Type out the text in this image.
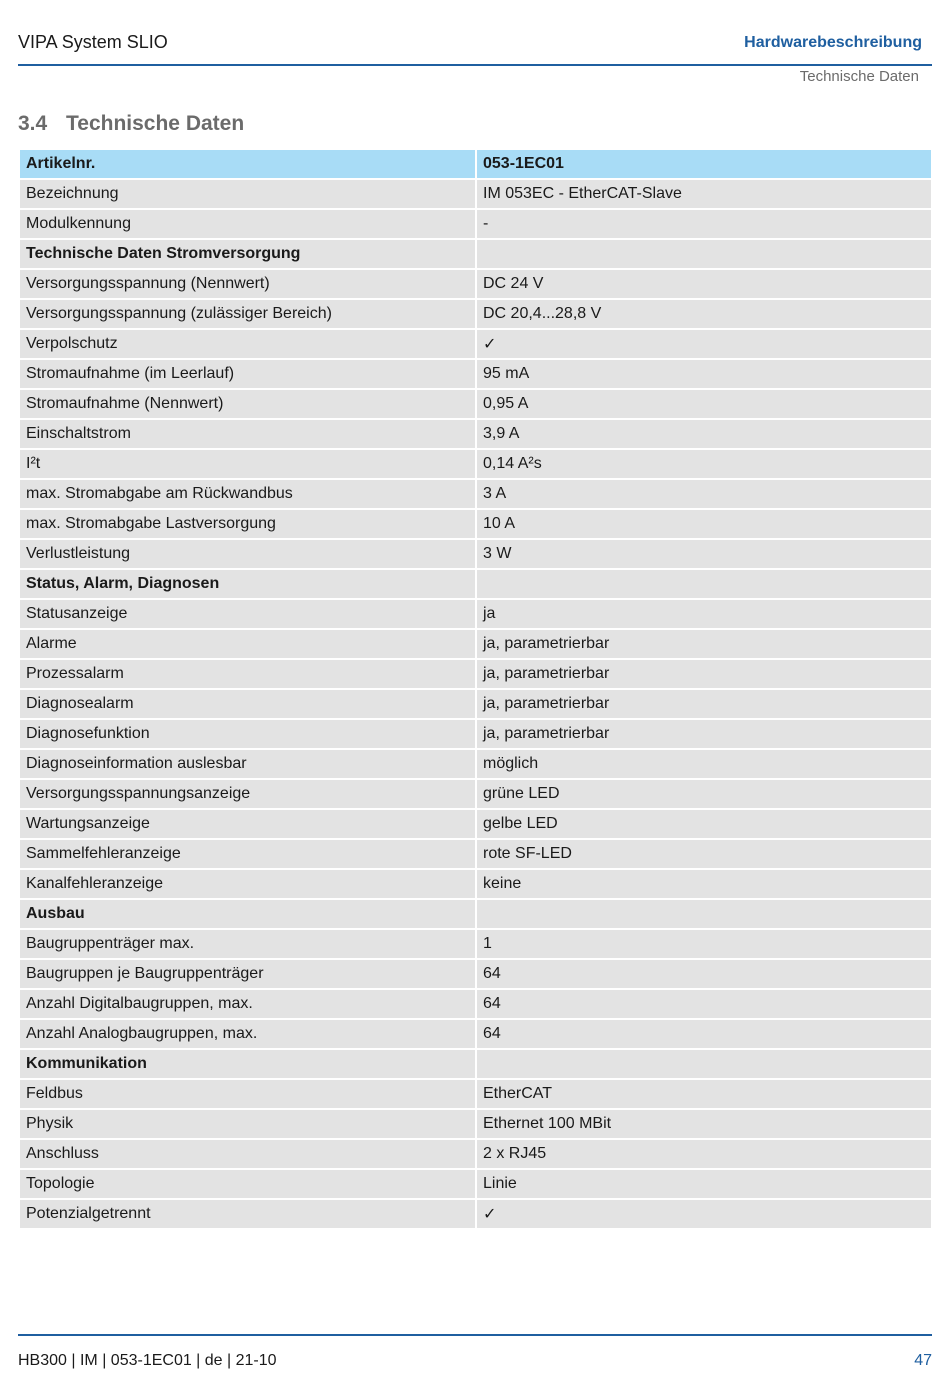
VIPA System SLIO	Hardwarebeschreibung
Technische Daten
3.4 Technische Daten
Artikelnr.	053-1EC01
Bezeichnung	IM 053EC - EtherCAT-Slave
Modulkennung	-
Technische Daten Stromversorgung	
Versorgungsspannung (Nennwert)	DC 24 V
Versorgungsspannung (zulässiger Bereich)	DC 20,4...28,8 V
Verpolschutz	✓
Stromaufnahme (im Leerlauf)	95 mA
Stromaufnahme (Nennwert)	0,95 A
Einschaltstrom	3,9 A
I²t	0,14 A²s
max. Stromabgabe am Rückwandbus	3 A
max. Stromabgabe Lastversorgung	10 A
Verlustleistung	3 W
Status, Alarm, Diagnosen	
Statusanzeige	ja
Alarme	ja, parametrierbar
Prozessalarm	ja, parametrierbar
Diagnosealarm	ja, parametrierbar
Diagnosefunktion	ja, parametrierbar
Diagnoseinformation auslesbar	möglich
Versorgungsspannungsanzeige	grüne LED
Wartungsanzeige	gelbe LED
Sammelfehleranzeige	rote SF-LED
Kanalfehleranzeige	keine
Ausbau	
Baugruppenträger max.	1
Baugruppen je Baugruppenträger	64
Anzahl Digitalbaugruppen, max.	64
Anzahl Analogbaugruppen, max.	64
Kommunikation	
Feldbus	EtherCAT
Physik	Ethernet 100 MBit
Anschluss	2 x RJ45
Topologie	Linie
Potenzialgetrennt	✓
HB300 | IM | 053-1EC01 | de | 21-10	47
